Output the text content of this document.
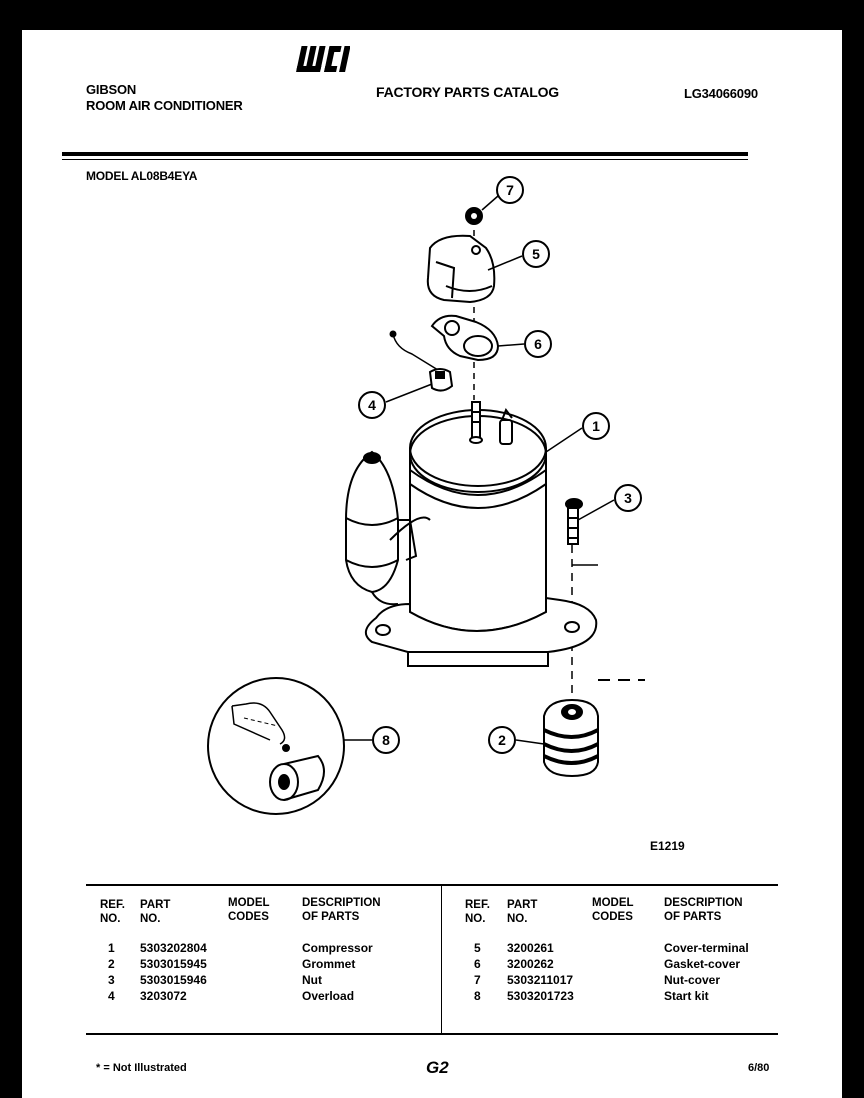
GIBSON
ROOM AIR CONDITIONER
FACTORY PARTS CATALOG	LG34066090
MODEL AL08B4EYA
7
5
6
4
1
3
2
8
E1219
REF.
NO.
PART
NO.
MODEL
CODES
DESCRIPTION
OF PARTS
REF.
NO.
PART
NO.
MODEL
CODES
DESCRIPTION
OF PARTS
1 5303202804	Compressor
2 5303015945	Grommet
3 5303015946	Nut
4 3203072	Overload
5 3200261	Cover-terminal
6 3200262	Gasket-cover
7 5303211017	Nut-cover
8 5303201723	Start kit
* = Not Illustrated	G2	6/80
